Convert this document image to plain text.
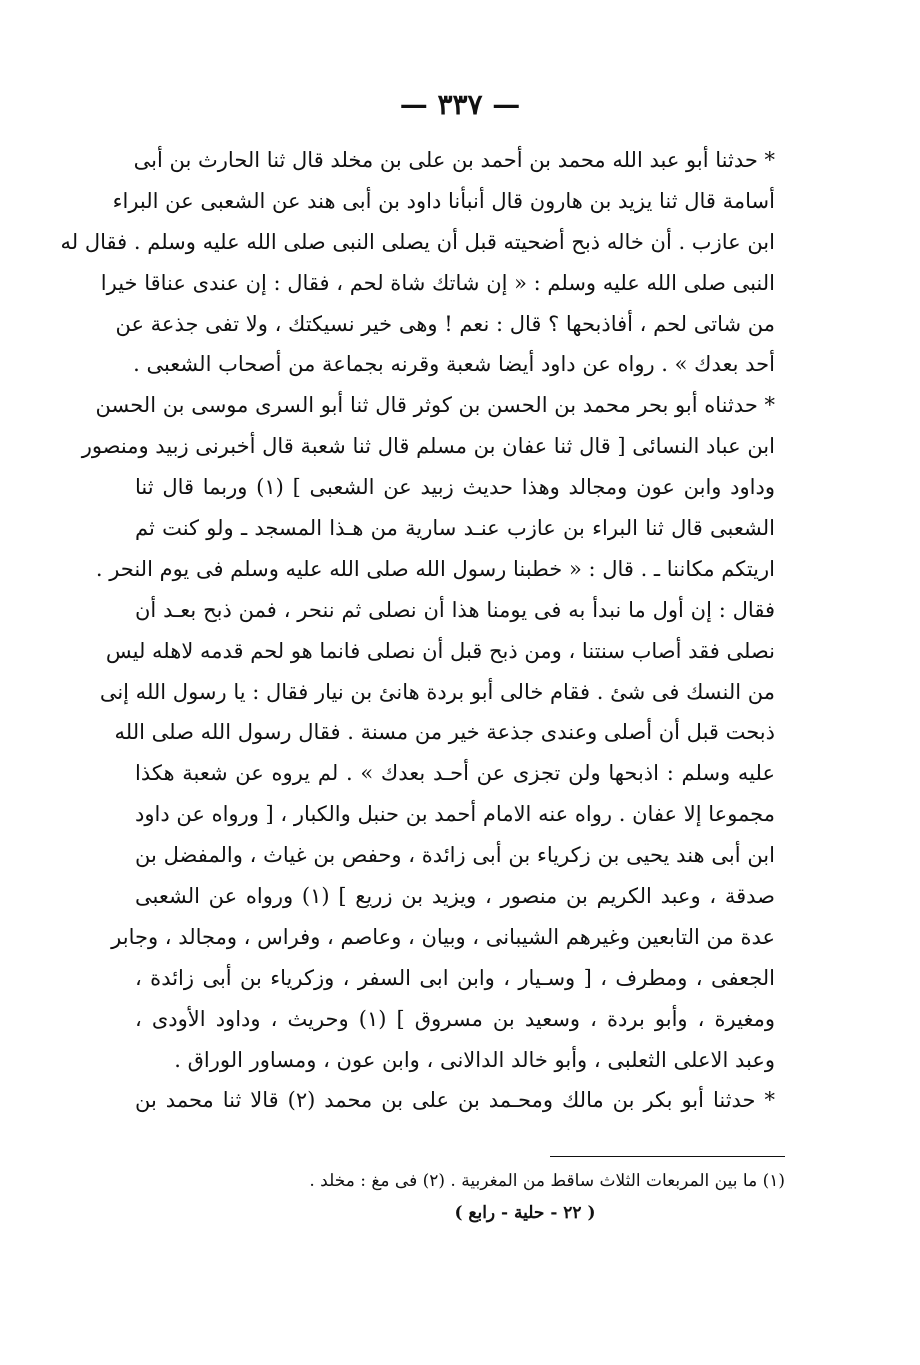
— ٣٣٧ —
* حدثنا أبو عبد الله محمد بن أحمد بن على بن مخلد قال ثنا الحارث بن أبى
أسامة قال ثنا يزيد بن هارون قال أنبأنا داود بن أبى هند عن الشعبى عن البراء
ابن عازب . أن خاله ذبح أضحيته قبل أن يصلى النبى صلى الله عليه وسلم . فقال له
النبى صلى الله عليه وسلم : « إن شاتك شاة لحم ، فقال : إن عندى عناقا خيرا
من شاتى لحم ، أفاذبحها ؟ قال : نعم ! وهى خير نسيكتك ، ولا تفى جذعة عن
أحد بعدك » . رواه عن داود أيضا شعبة وقرنه بجماعة من أصحاب الشعبى .
* حدثناه أبو بحر محمد بن الحسن بن كوثر قال ثنا أبو السرى موسى بن الحسن
ابن عباد النسائى [ قال ثنا عفان بن مسلم قال ثنا شعبة قال أخبرنى زبيد ومنصور
وداود وابن عون ومجالد وهذا حديث زبيد عن الشعبى ] (١) وربما قال ثنا
الشعبى قال ثنا البراء بن عازب عنـد سارية من هـذا المسجد ـ ولو كنت ثم
اريتكم مكاننا ـ . قال : « خطبنا رسول الله صلى الله عليه وسلم فى يوم النحر .
فقال : إن أول ما نبدأ به فى يومنا هذا أن نصلى ثم ننحر ، فمن ذبح بعـد أن
نصلى فقد أصاب سنتنا ، ومن ذبح قبل أن نصلى فانما هو لحم قدمه لاهله ليس
من النسك فى شئ . فقام خالى أبو بردة هانئ بن نيار فقال : يا رسول الله إنى
ذبحت قبل أن أصلى وعندى جذعة خير من مسنة . فقال رسول الله صلى الله
عليه وسلم : اذبحها ولن تجزى عن أحـد بعدك » . لم يروه عن شعبة هكذا
مجموعا إلا عفان . رواه عنه الامام أحمد بن حنبل والكبار ، [ ورواه عن داود
ابن أبى هند يحيى بن زكرياء بن أبى زائدة ، وحفص بن غياث ، والمفضل بن
صدقة ، وعبد الكريم بن منصور ، ويزيد بن زريع ] (١) ورواه عن الشعبى
عدة من التابعين وغيرهم الشيبانى ، وبيان ، وعاصم ، وفراس ، ومجالد ، وجابر
الجعفى ، ومطرف ، [ وسـيار ، وابن ابى السفر ، وزكرياء بن أبى زائدة ،
ومغيرة ، وأبو بردة ، وسعيد بن مسروق ] (١) وحريث ، وداود الأودى ،
وعبد الاعلى الثعلبى ، وأبو خالد الدالانى ، وابن عون ، ومساور الوراق .
* حدثنا أبو بكر بن مالك ومحـمد بن على بن محمد (٢) قالا ثنا محمد بن
(١) ما بين المربعات الثلاث ساقط من المغربية . (٢) فى مغ : مخلد .
( ٢٢ - حلية - رابع )
